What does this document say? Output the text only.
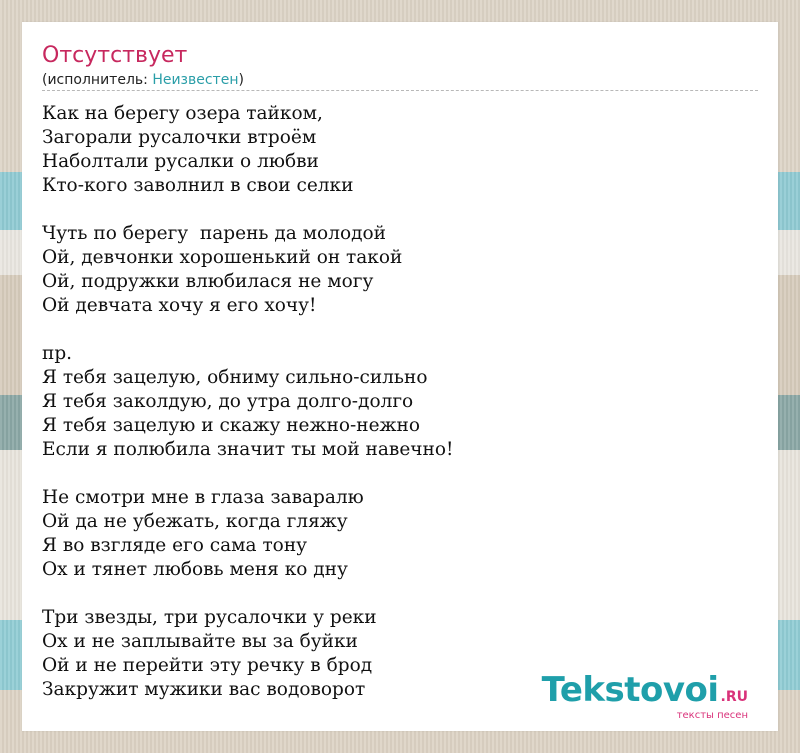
Отсутствует
(исполнитель: Неизвестен)
Как на берегу озера тайком,
Загорали русалочки втроём
Наболтали русалки о любви
Кто-кого заволнил в свои селки
Чуть по берегу  парень да молодой
Ой, девчонки хорошенький он такой
Ой, подружки влюбилася не могу
Ой девчата хочу я его хочу!
пр.
Я тебя зацелую, обниму сильно-сильно
Я тебя заколдую, до утра долго-долго
Я тебя зацелую и скажу нежно-нежно
Если я полюбила значит ты мой навечно!
Не смотри мне в глаза заваралю
Ой да не убежать, когда гляжу
Я во взгляде его сама тону
Ох и тянет любовь меня ко дну
Три звезды, три русалочки у реки
Ох и не заплывайте вы за буйки
Ой и не перейти эту речку в брод
Закружит мужики вас водоворот	Tekstovoi .RU
тексты песен
